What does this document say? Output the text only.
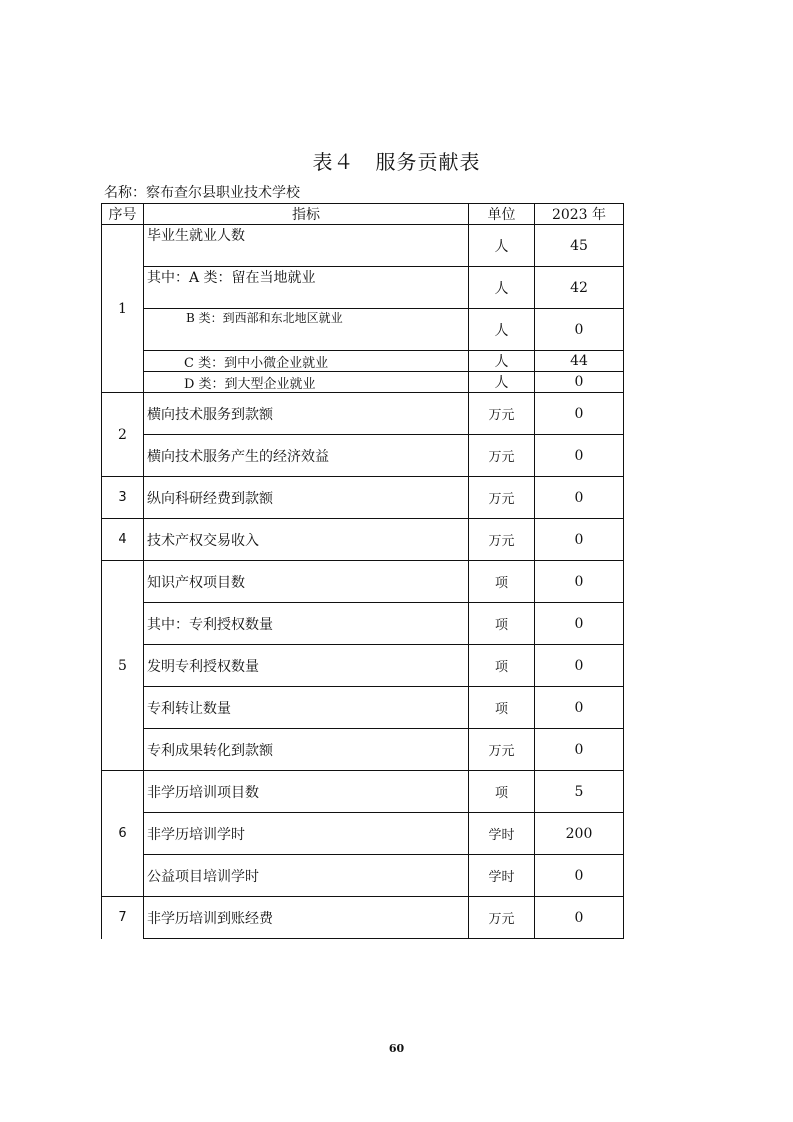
表４　服务贡献表
名称：察布查尔县职业技术学校
序号	指标	单位	2023 年
1	毕业生就业人数	人	45
	其中：A 类：留在当地就业	人	42
	B 类：到西部和东北地区就业	人	0
	C 类：到中小微企业就业	人	44
	D 类：到大型企业就业	人	0
2	横向技术服务到款额	万元	0
	横向技术服务产生的经济效益	万元	0
3	纵向科研经费到款额	万元	0
4	技术产权交易收入	万元	0
5	知识产权项目数	项	0
	其中：专利授权数量	项	0
	发明专利授权数量	项	0
	专利转让数量	项	0
	专利成果转化到款额	万元	0
6	非学历培训项目数	项	5
	非学历培训学时	学时	200
	公益项目培训学时	学时	0
7	非学历培训到账经费	万元	0
60
